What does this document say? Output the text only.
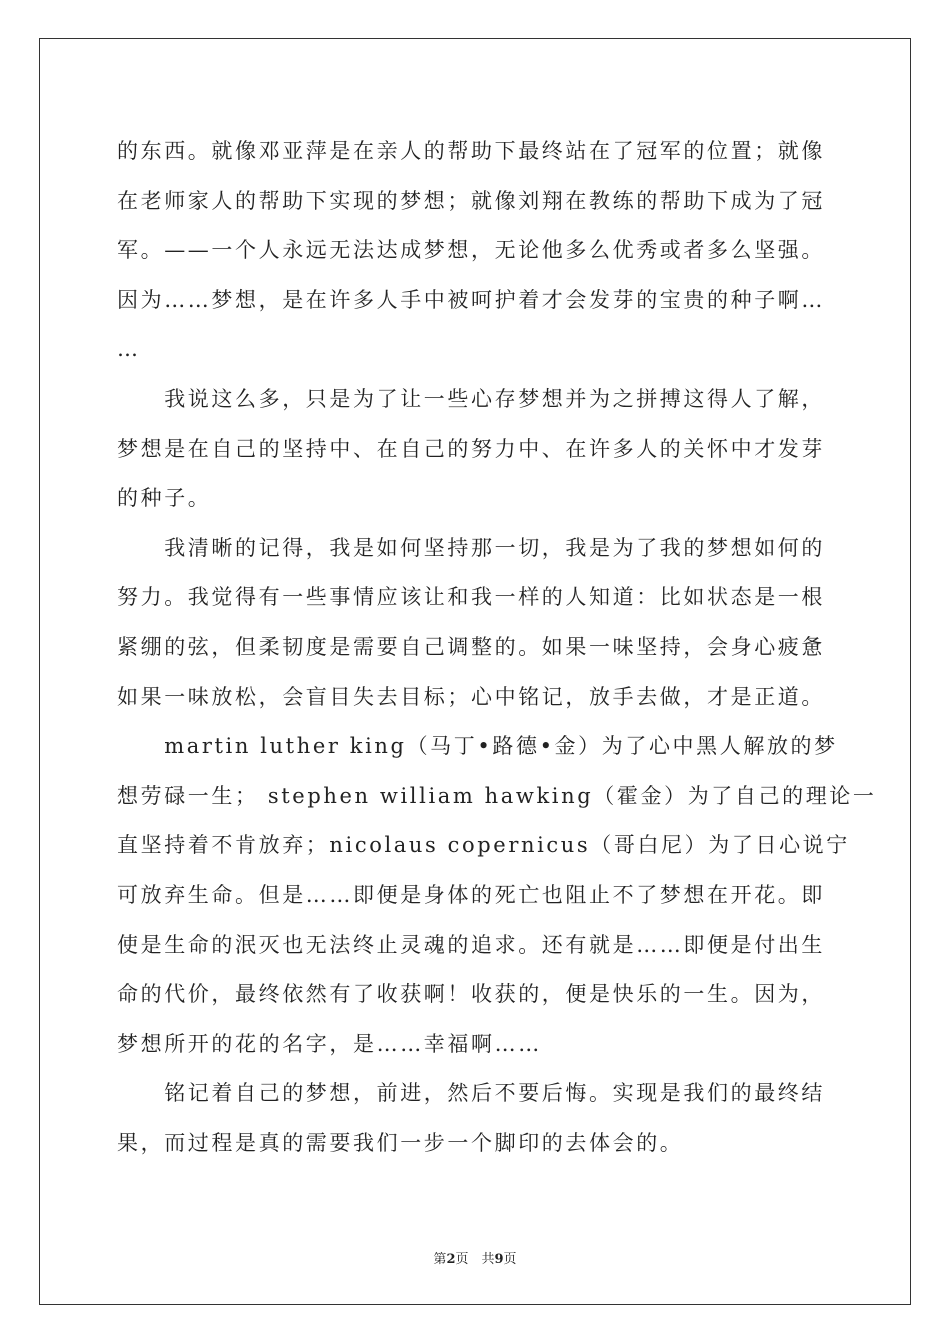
的东西。就像邓亚萍是在亲人的帮助下最终站在了冠军的位置；就像
在老师家人的帮助下实现的梦想；就像刘翔在教练的帮助下成为了冠
军。——一个人永远无法达成梦想，无论他多么优秀或者多么坚强。
因为……梦想，是在许多人手中被呵护着才会发芽的宝贵的种子啊…
…
　　我说这么多，只是为了让一些心存梦想并为之拼搏这得人了解，
梦想是在自己的坚持中、在自己的努力中、在许多人的关怀中才发芽
的种子。
　　我清晰的记得，我是如何坚持那一切，我是为了我的梦想如何的
努力。我觉得有一些事情应该让和我一样的人知道：比如状态是一根
紧绷的弦，但柔韧度是需要自己调整的。如果一味坚持，会身心疲惫
如果一味放松，会盲目失去目标；心中铭记，放手去做，才是正道。
　　martin luther king（马丁•路德•金）为了心中黑人解放的梦
想劳碌一生； stephen william hawking（霍金）为了自己的理论一
直坚持着不肯放弃；nicolaus copernicus（哥白尼）为了日心说宁
可放弃生命。但是……即便是身体的死亡也阻止不了梦想在开花。即
使是生命的泯灭也无法终止灵魂的追求。还有就是……即便是付出生
命的代价，最终依然有了收获啊！收获的，便是快乐的一生。因为，
梦想所开的花的名字，是……幸福啊……
　　铭记着自己的梦想，前进，然后不要后悔。实现是我们的最终结
果，而过程是真的需要我们一步一个脚印的去体会的。
第2页　共9页
